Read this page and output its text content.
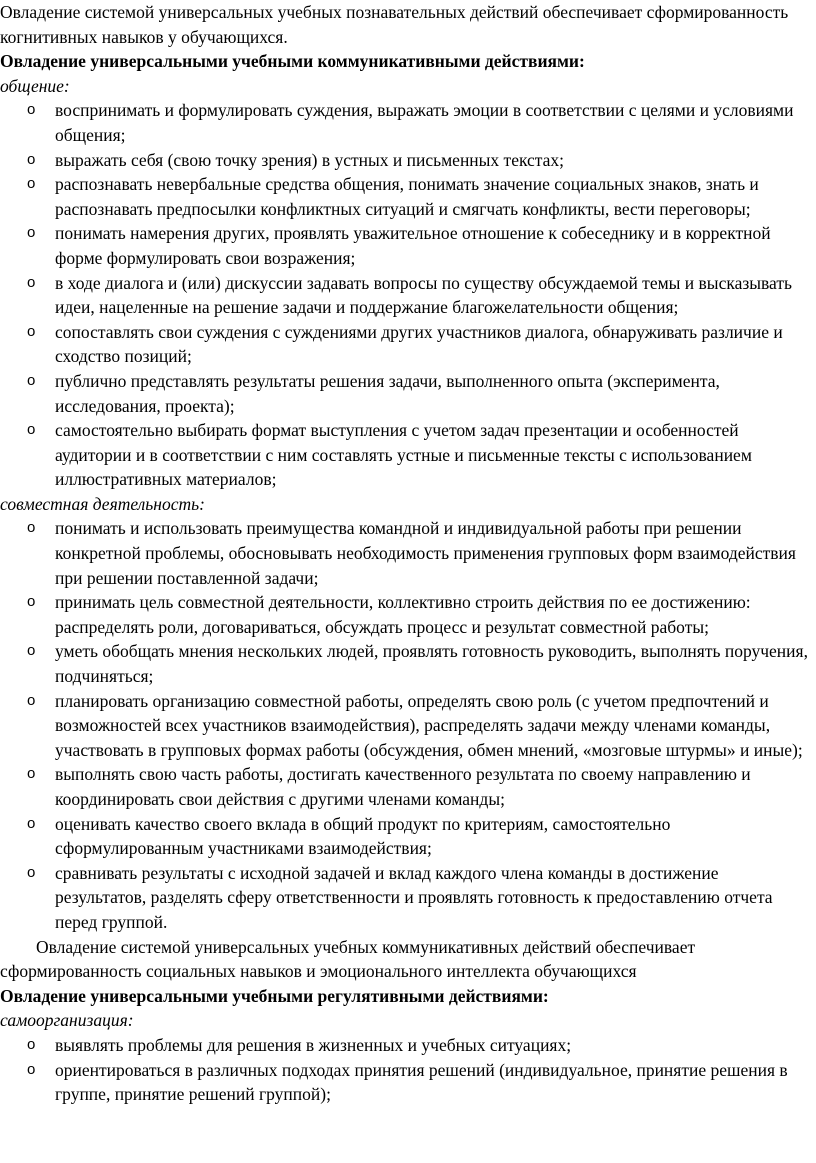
Овладение системой универсальных учебных познавательных действий обеспечивает сформированность когнитивных навыков у обучающихся.

Овладение универсальными учебными коммуникативными действиями:

общение:

o воспринимать и формулировать суждения, выражать эмоции в соответствии с целями и условиями общения;
o выражать себя (свою точку зрения) в устных и письменных текстах;
o распознавать невербальные средства общения, понимать значение социальных знаков, знать и распознавать предпосылки конфликтных ситуаций и смягчать конфликты, вести переговоры;
o понимать намерения других, проявлять уважительное отношение к собеседнику и в корректной форме формулировать свои возражения;
o в ходе диалога и (или) дискуссии задавать вопросы по существу обсуждаемой темы и высказывать идеи, нацеленные на решение задачи и поддержание благожелательности общения;
o сопоставлять свои суждения с суждениями других участников диалога, обнаруживать различие и сходство позиций;
o публично представлять результаты решения задачи, выполненного опыта (эксперимента, исследования, проекта);
o самостоятельно выбирать формат выступления с учетом задач презентации и особенностей аудитории и в соответствии с ним составлять устные и письменные тексты с использованием иллюстративных материалов;

совместная деятельность:

o понимать и использовать преимущества командной и индивидуальной работы при решении конкретной проблемы, обосновывать необходимость применения групповых форм взаимодействия при решении поставленной задачи;
o принимать цель совместной деятельности, коллективно строить действия по ее достижению: распределять роли, договариваться, обсуждать процесс и результат совместной работы;
o уметь обобщать мнения нескольких людей, проявлять готовность руководить, выполнять поручения, подчиняться;
o планировать организацию совместной работы, определять свою роль (с учетом предпочтений и возможностей всех участников взаимодействия), распределять задачи между членами команды, участвовать в групповых формах работы (обсуждения, обмен мнений, «мозговые штурмы» и иные);
o выполнять свою часть работы, достигать качественного результата по своему направлению и координировать свои действия с другими членами команды;
o оценивать качество своего вклада в общий продукт по критериям, самостоятельно сформулированным участниками взаимодействия;
o сравнивать результаты с исходной задачей и вклад каждого члена команды в достижение результатов, разделять сферу ответственности и проявлять готовность к предоставлению отчета перед группой.

Овладение системой универсальных учебных коммуникативных действий обеспечивает сформированность социальных навыков и эмоционального интеллекта обучающихся

Овладение универсальными учебными регулятивными действиями:

самоорганизация:

o выявлять проблемы для решения в жизненных и учебных ситуациях;
o ориентироваться в различных подходах принятия решений (индивидуальное, принятие решения в группе, принятие решений группой);
